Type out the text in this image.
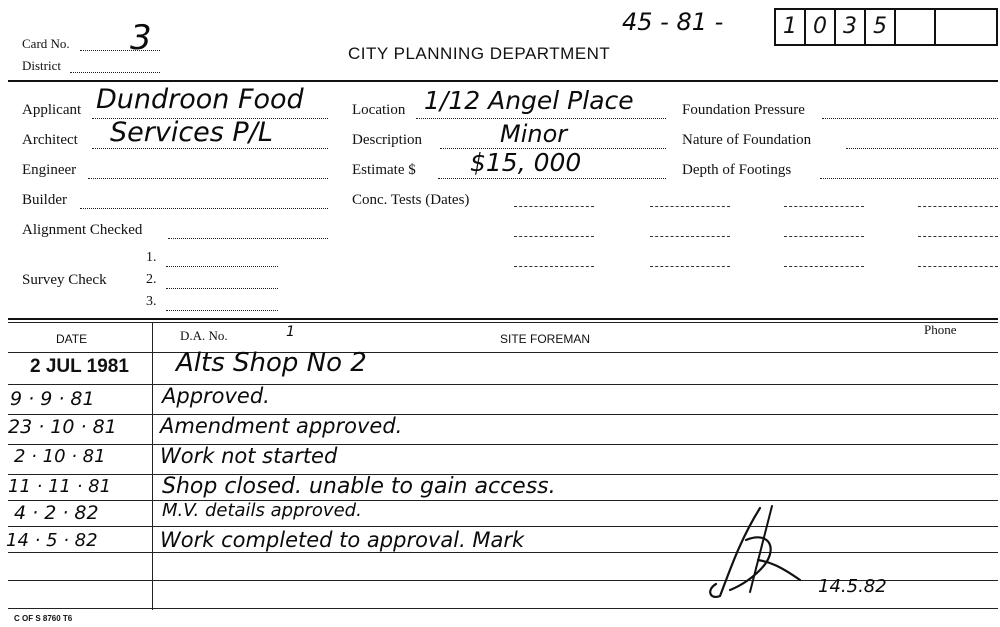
Card No. 3
District
CITY PLANNING DEPARTMENT
45 - 81 -	1 0 3 5
Applicant Dundroon Food
Architect Services P/L
Engineer
Builder
Alignment Checked
Survey Check
1.
2.
3.
Location 1/12 Angel Place
Description	Minor
Estimate $ $15, 000
Conc. Tests (Dates)
Foundation Pressure
Nature of Foundation
Depth of Footings
DATE	D.A. No.	1	SITE FOREMAN
Phone
2 JUL 1981 Alts Shop No 2
9 · 9 · 81	Approved.
23 · 10 · 81 Amendment approved.
2 · 10 · 81	Work not started
11 · 11 · 81 Shop closed. unable to gain access.
4 · 2 · 82	M.V. details approved.
14 · 5 · 82	Work completed to approval. Mark
14.5.82
C OF S 8760 T6
